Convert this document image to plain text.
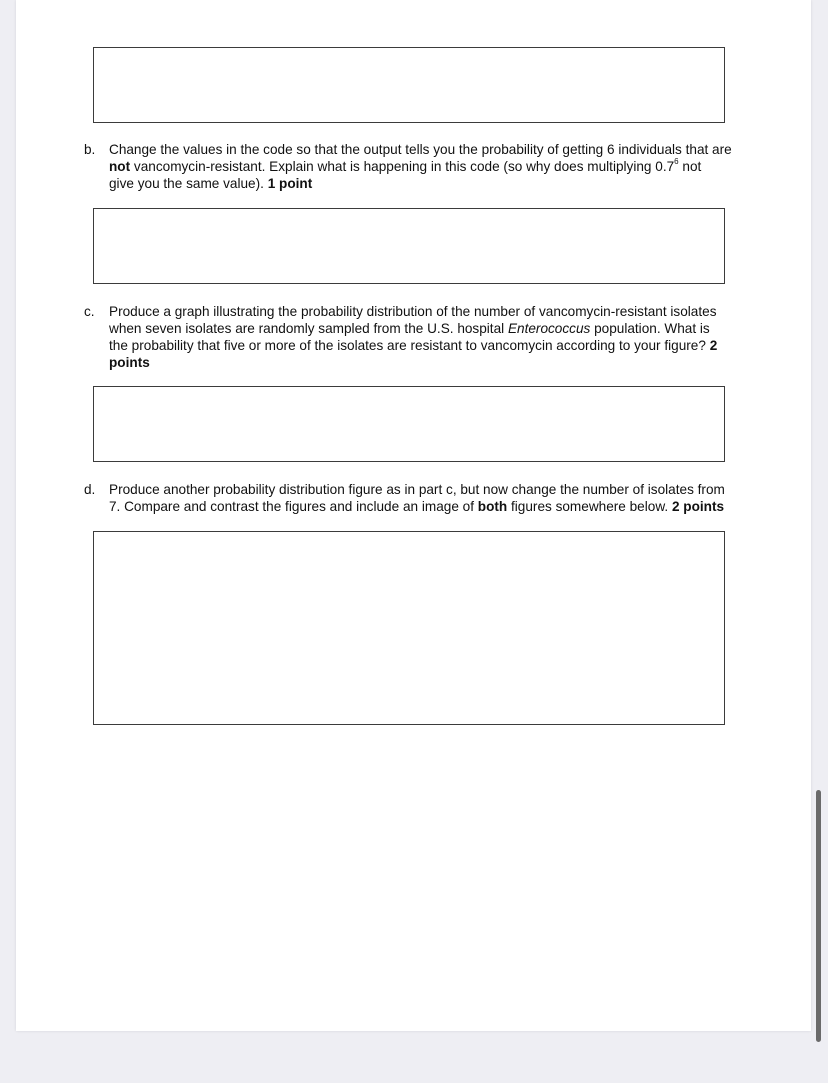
b.	Change the values in the code so that the output tells you the probability of getting 6 individuals that are
not vancomycin-resistant. Explain what is happening in this code (so why does multiplying $0.7^6$ not
give you the same value). 1 point
c.	Produce a graph illustrating the probability distribution of the number of vancomycin-resistant isolates
when seven isolates are randomly sampled from the U.S. hospital Enterococcus population. What is
the probability that five or more of the isolates are resistant to vancomycin according to your figure? 2
points
d.	Produce another probability distribution figure as in part c, but now change the number of isolates from
7. Compare and contrast the figures and include an image of both figures somewhere below. 2 points
